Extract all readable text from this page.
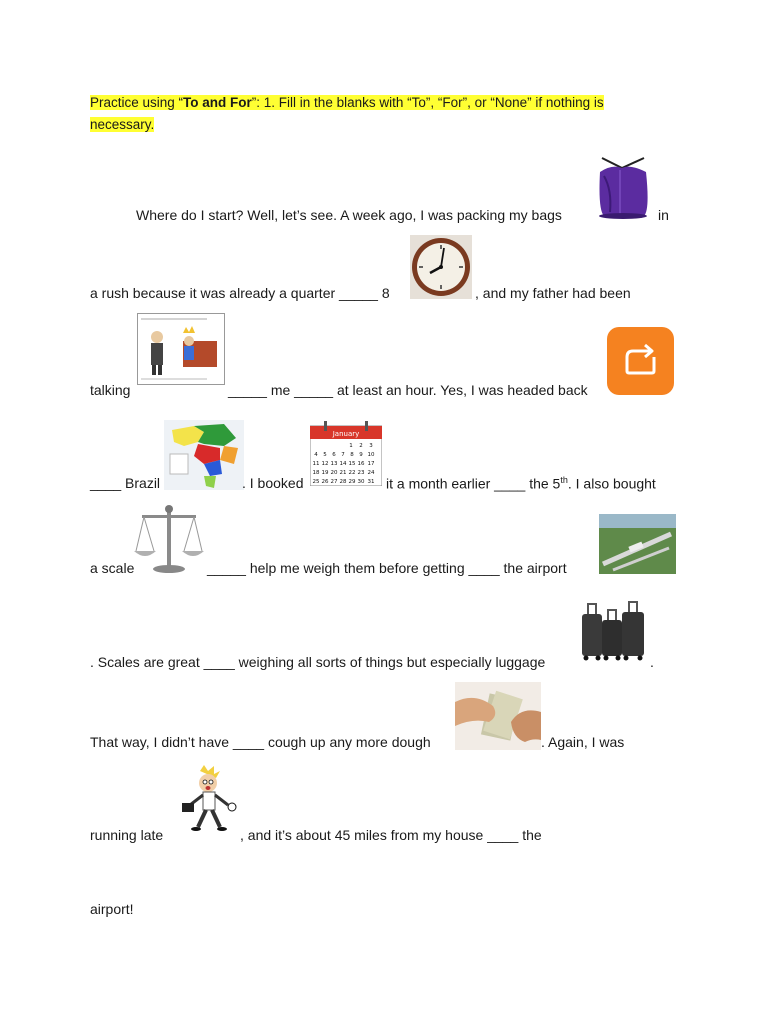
Practice using “To and For”: 1. Fill in the blanks with “To”, “For”, or “None” if nothing is necessary.
Where do I start? Well, let’s see. A week ago, I was packing my bags	in
a rush because it was already a quarter _____ 8	, and my father had been
talking	_____ me _____ at least an hour. Yes, I was headed back
____ Brazil	. I booked
January
1 2 3
4 5 6 7 8 9 10
11 12 13 14 15 16 17
18 19 20 21 22 23 24
25 26 27 28 29 30 31 it a month earlier ____ the 5th. I also bought
a scale	_____ help me weigh them before getting ____ the airport
. Scales are great ____ weighing all sorts of things but especially luggage	.
That way, I didn’t have ____ cough up any more dough	. Again, I was
running late	, and it’s about 45 miles from my house ____ the
airport!
